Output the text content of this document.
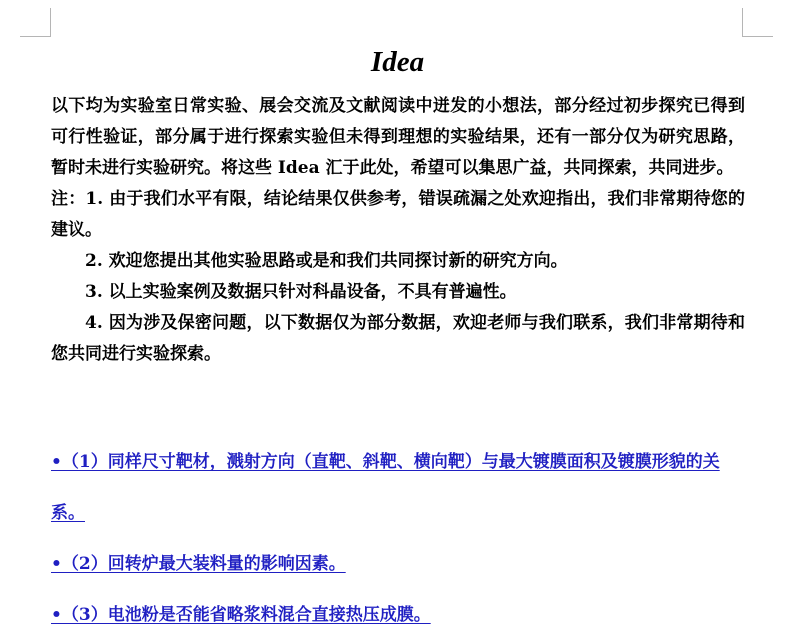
Idea

以下均为实验室日常实验、展会交流及文献阅读中迸发的小想法，部分经过初步探究已得到可行性验证，部分属于进行探索实验但未得到理想的实验结果，还有一部分仅为研究思路，暂时未进行实验研究。将这些 Idea 汇于此处，希望可以集思广益，共同探索，共同进步。

注：1. 由于我们水平有限，结论结果仅供参考，错误疏漏之处欢迎指出，我们非常期待您的建议。

2. 欢迎您提出其他实验思路或是和我们共同探讨新的研究方向。

3. 以上实验案例及数据只针对科晶设备，不具有普遍性。

4. 因为涉及保密问题，以下数据仅为部分数据，欢迎老师与我们联系，我们非常期待和您共同进行实验探索。

•（1）同样尺寸靶材，溅射方向（直靶、斜靶、横向靶）与最大镀膜面积及镀膜形貌的关系。

•（2）回转炉最大装料量的影响因素。

•（3）电池粉是否能省略浆料混合直接热压成膜。
